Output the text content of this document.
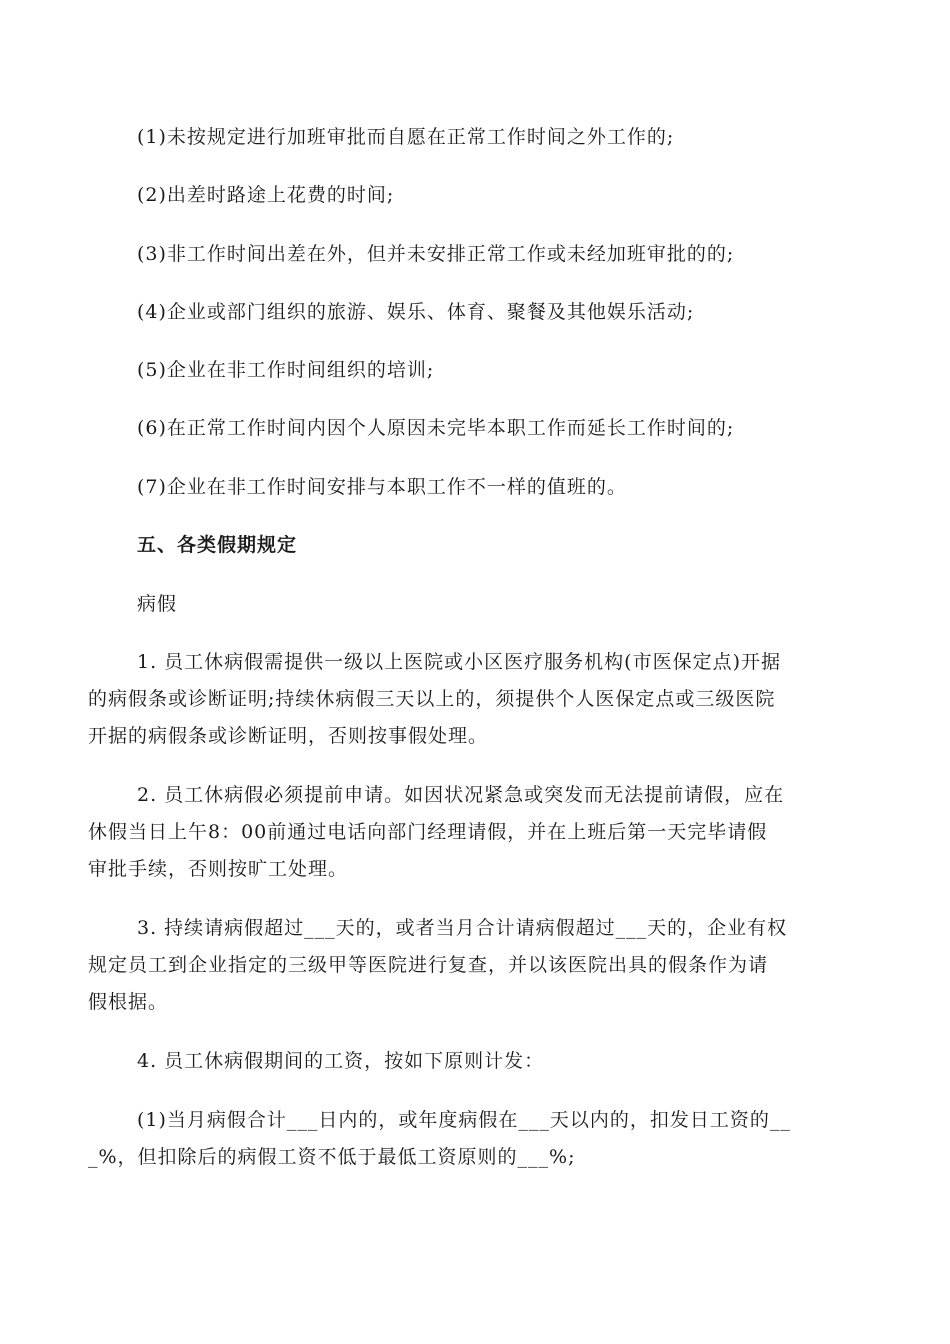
(1)未按规定进行加班审批而自愿在正常工作时间之外工作的;
(2)出差时路途上花费的时间;
(3)非工作时间出差在外，但并未安排正常工作或未经加班审批的的;
(4)企业或部门组织的旅游、娱乐、体育、聚餐及其他娱乐活动;
(5)企业在非工作时间组织的培训;
(6)在正常工作时间内因个人原因未完毕本职工作而延长工作时间的;
(7)企业在非工作时间安排与本职工作不一样的值班的。
五、各类假期规定
病假
1. 员工休病假需提供一级以上医院或小区医疗服务机构(市医保定点)开据
的病假条或诊断证明;持续休病假三天以上的，须提供个人医保定点或三级医院
开据的病假条或诊断证明，否则按事假处理。
2. 员工休病假必须提前申请。如因状况紧急或突发而无法提前请假，应在
休假当日上午8：00前通过电话向部门经理请假，并在上班后第一天完毕请假
审批手续，否则按旷工处理。
3. 持续请病假超过___天的，或者当月合计请病假超过___天的，企业有权
规定员工到企业指定的三级甲等医院进行复查，并以该医院出具的假条作为请
假根据。
4. 员工休病假期间的工资，按如下原则计发：
(1)当月病假合计___日内的，或年度病假在___天以内的，扣发日工资的__
_%，但扣除后的病假工资不低于最低工资原则的___%;
